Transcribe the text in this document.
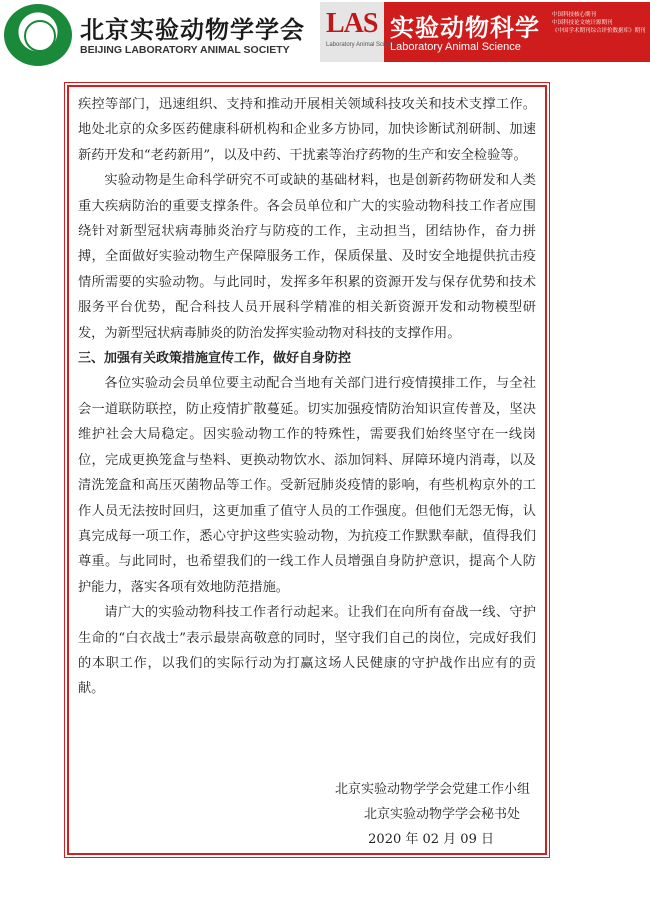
北京实验动物学学会
BEIJING LABORATORY ANIMAL SOCIETY
LAS
Laboratory Animal Science
实验动物科学
Laboratory Animal Science
中国科技核心期刊
中国科技论文统计源期刊
《中国学术期刊综合评价数据库》期刊

疾控等部门，迅速组织、支持和推动开展相关领域科技攻关和技术支撑工作。地处北京的众多医药健康科研机构和企业多方协同，加快诊断试剂研制、加速新药开发和“老药新用”，以及中药、干扰素等治疗药物的生产和安全检验等。

实验动物是生命科学研究不可或缺的基础材料，也是创新药物研发和人类重大疾病防治的重要支撑条件。各会员单位和广大的实验动物科技工作者应围绕针对新型冠状病毒肺炎治疗与防疫的工作，主动担当，团结协作，奋力拼搏，全面做好实验动物生产保障服务工作，保质保量、及时安全地提供抗击疫情所需要的实验动物。与此同时，发挥多年积累的资源开发与保存优势和技术服务平台优势，配合科技人员开展科学精准的相关新资源开发和动物模型研发，为新型冠状病毒肺炎的防治发挥实验动物对科技的支撑作用。

三、加强有关政策措施宣传工作，做好自身防控

各位实验动会员单位要主动配合当地有关部门进行疫情摸排工作，与全社会一道联防联控，防止疫情扩散蔓延。切实加强疫情防治知识宣传普及，坚决维护社会大局稳定。因实验动物工作的特殊性，需要我们始终坚守在一线岗位，完成更换笼盒与垫料、更换动物饮水、添加饲料、屏障环境内消毒，以及清洗笼盒和高压灭菌物品等工作。受新冠肺炎疫情的影响，有些机构京外的工作人员无法按时回归，这更加重了值守人员的工作强度。但他们无怨无悔，认真完成每一项工作，悉心守护这些实验动物，为抗疫工作默默奉献，值得我们尊重。与此同时，也希望我们的一线工作人员增强自身防护意识，提高个人防护能力，落实各项有效地防范措施。

请广大的实验动物科技工作者行动起来。让我们在向所有奋战一线、守护生命的“白衣战士”表示最崇高敬意的同时，坚守我们自己的岗位，完成好我们的本职工作，以我们的实际行动为打赢这场人民健康的守护战作出应有的贡献。

北京实验动物学学会党建工作小组
北京实验动物学学会秘书处
2020 年 02 月 09 日
